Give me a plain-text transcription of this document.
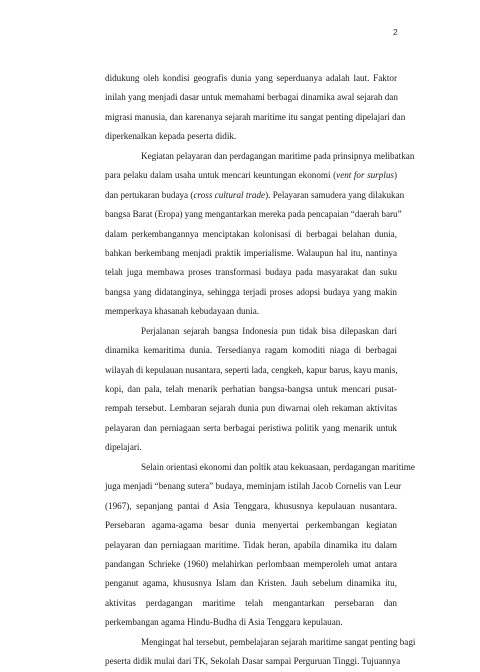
2
didukung oleh kondisi geografis dunia yang seperduanya adalah laut. Faktor
inilah yang menjadi dasar untuk memahami berbagai dinamika awal sejarah dan
migrasi manusia, dan karenanya sejarah maritime itu sangat penting dipelajari dan
diperkenalkan kepada peserta didik.
Kegiatan pelayaran dan perdagangan maritime pada prinsipnya melibatkan
para pelaku dalam usaha untuk mencari keuntungan ekonomi (vent for surplus)
dan pertukaran budaya (cross cultural trade). Pelayaran samudera yang dilakukan
bangsa Barat (Eropa) yang mengantarkan mereka pada pencapaian “daerah baru”
dalam perkembangannya menciptakan kolonisasi di berbagai belahan dunia,
bahkan berkembang menjadi praktik imperialisme. Walaupun hal itu, nantinya
telah juga membawa proses transformasi budaya pada masyarakat dan suku
bangsa yang didatanginya, sehingga terjadi proses adopsi budaya yang makin
memperkaya khasanah kebudayaan dunia.
Perjalanan sejarah bangsa Indonesia pun tidak bisa dilepaskan dari
dinamika kemaritima dunia. Tersedianya ragam komoditi niaga di berbagai
wilayah di kepulauan nusantara, seperti lada, cengkeh, kapur barus, kayu manis,
kopi, dan pala, telah menarik perhatian bangsa-bangsa untuk mencari pusat-
rempah tersebut. Lembaran sejarah dunia pun diwarnai oleh rekaman aktivitas
pelayaran dan perniagaan serta berbagai peristiwa politik yang menarik untuk
dipelajari.
Selain orientasi ekonomi dan poltik atau kekuasaan, perdagangan maritime
juga menjadi “benang sutera” budaya, meminjam istilah Jacob Cornelis van Leur
(1967), sepanjang pantai d Asia Tenggara, khususnya kepulauan nusantara.
Persebaran agama-agama besar dunia menyertai perkembangan kegiatan
pelayaran dan perniagaan maritime. Tidak heran, apabila dinamika itu dalam
pandangan Schrieke (1960) melahirkan perlombaan memperoleh umat antara
penganut agama, khususnya Islam dan Kristen. Jauh sebelum dinamika itu,
aktivitas perdagangan maritime telah mengantarkan persebaran dan
perkembangan agama Hindu-Budha di Asia Tenggara kepulauan.
Mengingat hal tersebut, pembelajaran sejarah maritime sangat penting bagi
peserta didik mulai dari TK, Sekolah Dasar sampai Perguruan Tinggi. Tujuannya
